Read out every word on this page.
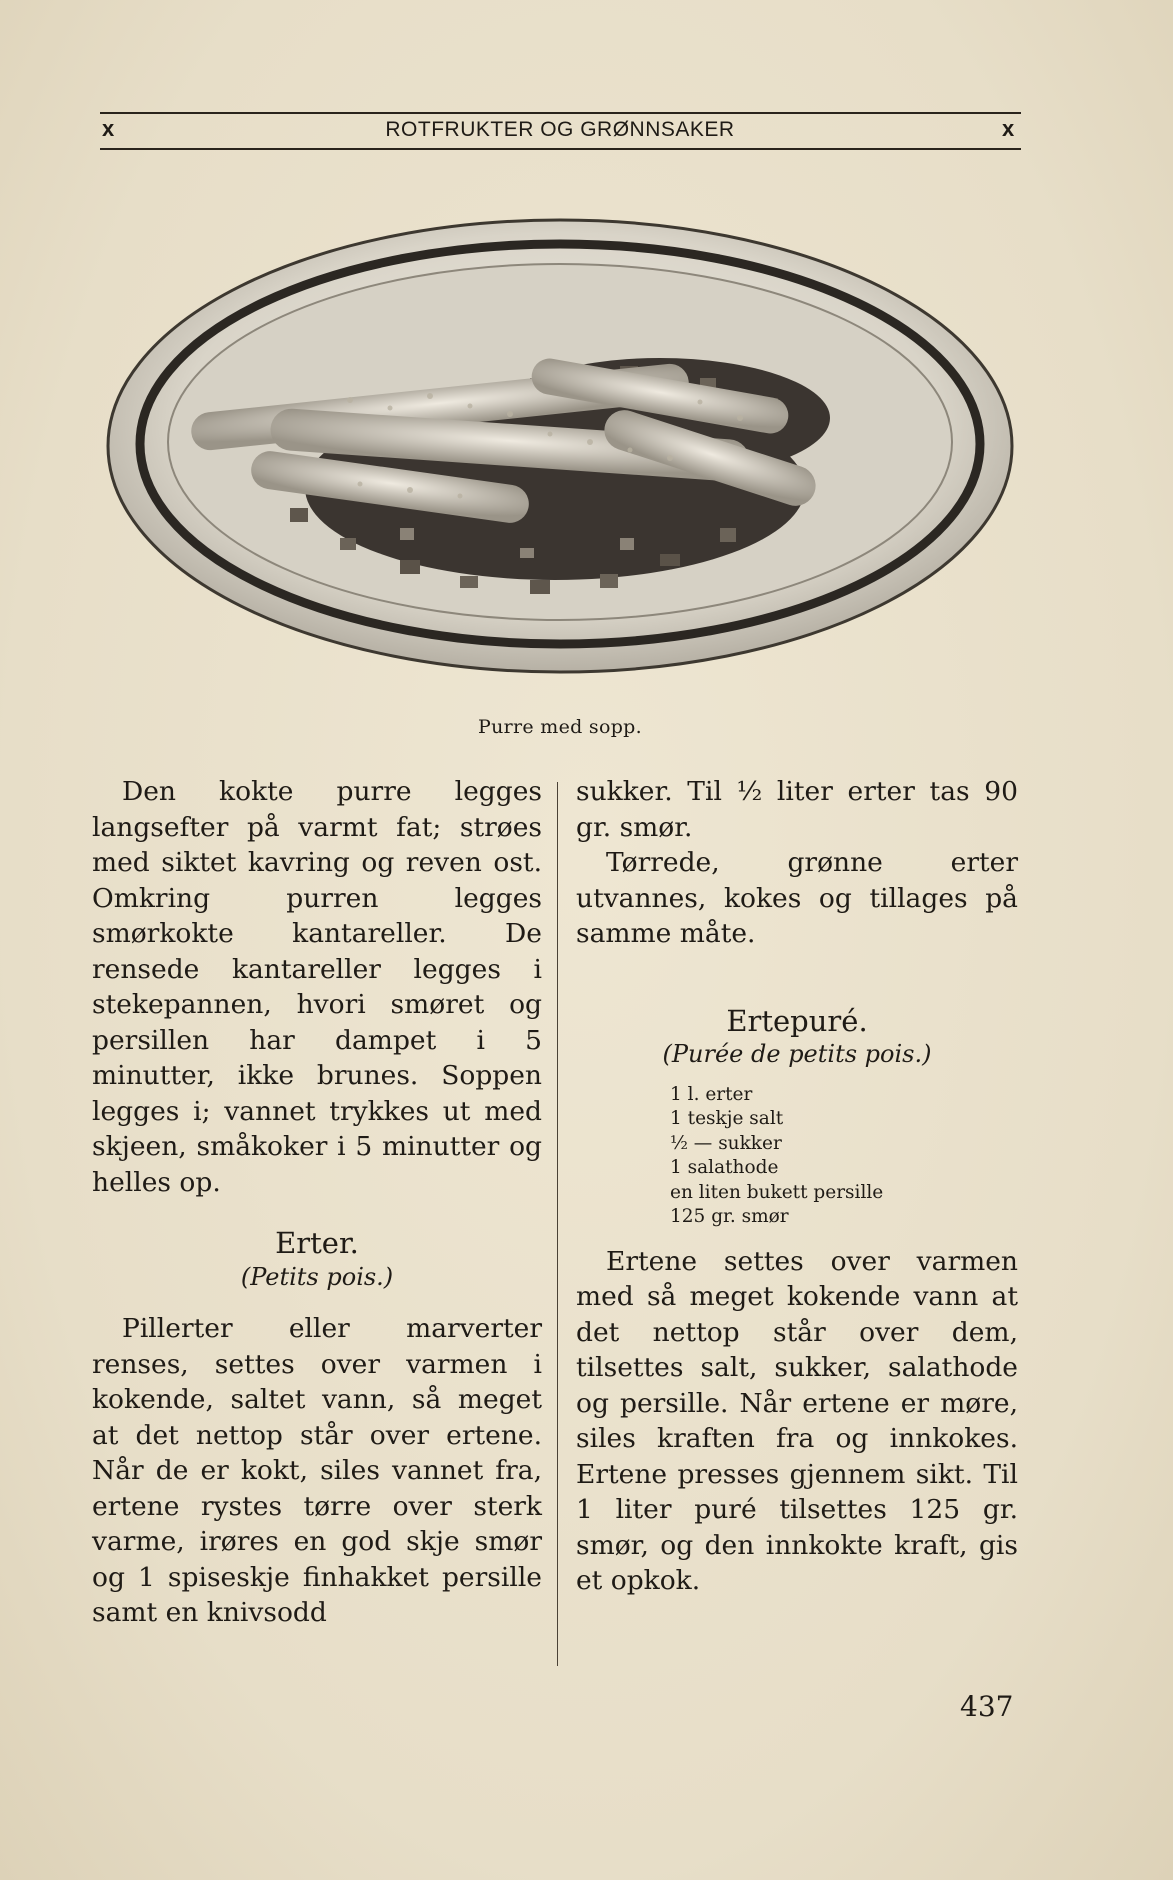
x	ROTFRUKTER OG GRØNNSAKER	x
Purre med sopp.

Den kokte purre legges langsefter på varmt fat; strøes med siktet kavring og reven ost. Omkring purren legges smørkokte kantareller. De rensede kantareller legges i stekepannen, hvori smøret og persillen har dampet i 5 minutter, ikke brunes. Soppen legges i; vannet trykkes ut med skjeen, småkoker i 5 minutter og helles op.

Erter.

(Petits pois.)

Pillerter eller marverter renses, settes over varmen i kokende, saltet vann, så meget at det nettop står over ertene. Når de er kokt, siles vannet fra, ertene rystes tørre over sterk varme, irøres en god skje smør og 1 spiseskje finhakket persille samt en knivsodd

sukker. Til ½ liter erter tas 90 gr. smør.

Tørrede, grønne erter utvannes, kokes og tillages på samme måte.

Ertepuré.

(Purée de petits pois.)

1 l. erter
1 teskje salt
½ — sukker
1 salathode
en liten bukett persille
125 gr. smør

Ertene settes over varmen med så meget kokende vann at det nettop står over dem, tilsettes salt, sukker, salathode og persille. Når ertene er møre, siles kraften fra og innkokes. Ertene presses gjennem sikt. Til 1 liter puré tilsettes 125 gr. smør, og den innkokte kraft, gis et opkok.

437
